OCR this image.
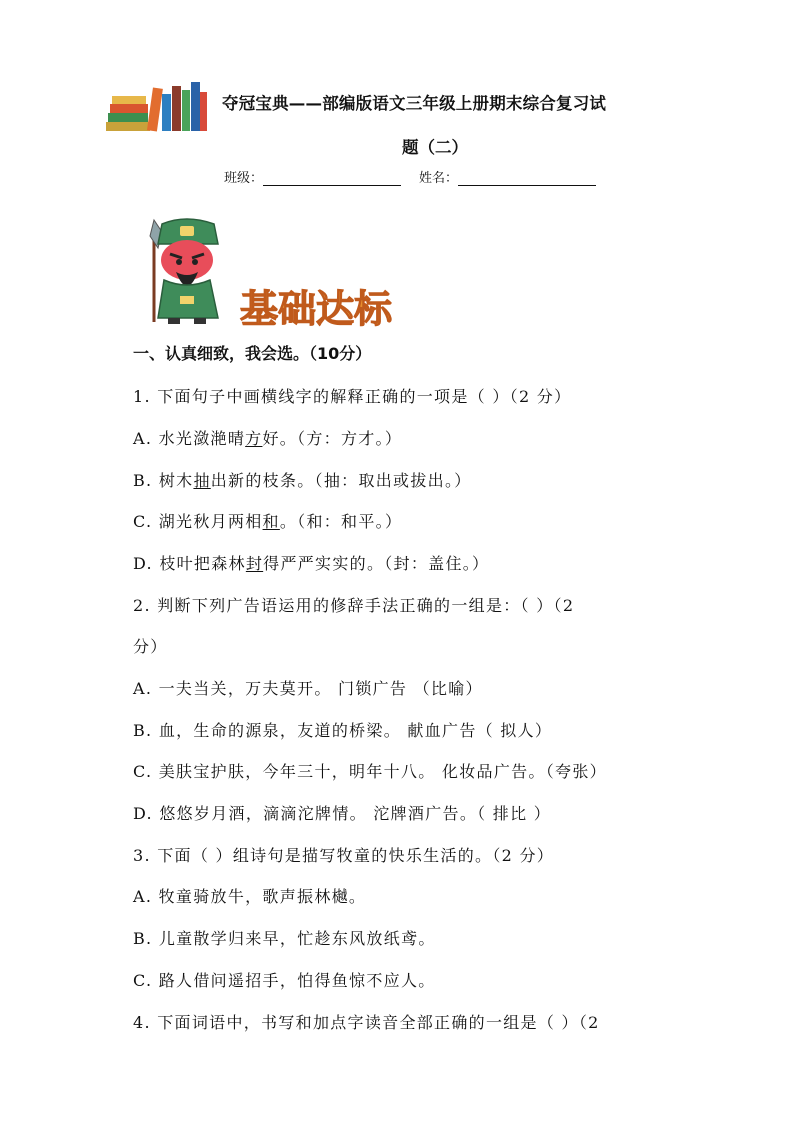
夺冠宝典——部编版语文三年级上册期末综合复习试
题（二）
班级：	姓名：
基础达标
一、认真细致，我会选。（10分）
1. 下面句子中画横线字的解释正确的一项是（ ）（2 分）
A. 水光潋滟晴方好。（方：方才。）
B. 树木抽出新的枝条。（抽：取出或拔出。）
C. 湖光秋月两相和。（和：和平。）
D. 枝叶把森林封得严严实实的。（封：盖住。）
2. 判断下列广告语运用的修辞手法正确的一组是：（ ）（2
分）
A. 一夫当关，万夫莫开。 门锁广告 （比喻）
B. 血，生命的源泉，友道的桥梁。 献血广告（ 拟人）
C. 美肤宝护肤，今年三十，明年十八。 化妆品广告。（夸张）
D. 悠悠岁月酒，滴滴沱牌情。 沱牌酒广告。（ 排比 ）
3. 下面（ ）组诗句是描写牧童的快乐生活的。（2 分）
A. 牧童骑放牛，歌声振林樾。
B. 儿童散学归来早，忙趁东风放纸鸢。
C. 路人借问遥招手，怕得鱼惊不应人。
4. 下面词语中，书写和加点字读音全部正确的一组是（ ）（2
